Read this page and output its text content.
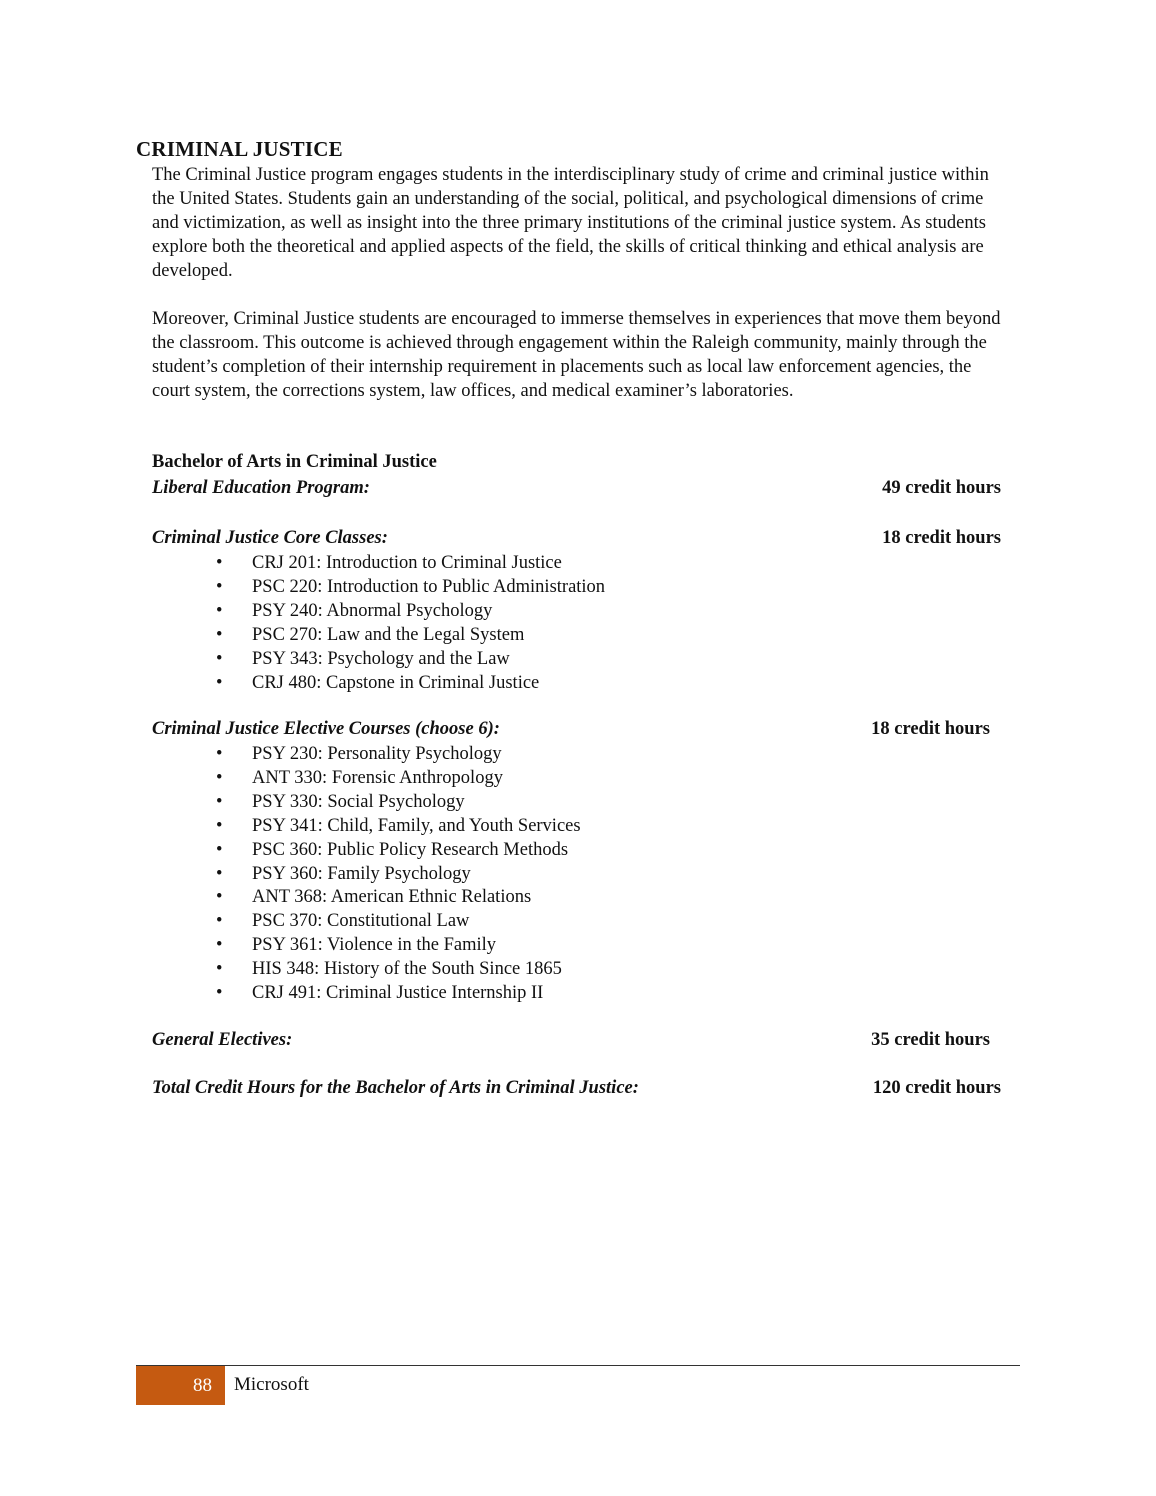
CRIMINAL JUSTICE
The Criminal Justice program engages students in the interdisciplinary study of crime and criminal justice within the United States. Students gain an understanding of the social, political, and psychological dimensions of crime and victimization, as well as insight into the three primary institutions of the criminal justice system. As students explore both the theoretical and applied aspects of the field, the skills of critical thinking and ethical analysis are developed.
Moreover, Criminal Justice students are encouraged to immerse themselves in experiences that move them beyond the classroom. This outcome is achieved through engagement within the Raleigh community, mainly through the student’s completion of their internship requirement in placements such as local law enforcement agencies, the court system, the corrections system, law offices, and medical examiner’s laboratories.
Bachelor of Arts in Criminal Justice
Liberal Education Program:	49 credit hours
Criminal Justice Core Classes:	18 credit hours
• CRJ 201: Introduction to Criminal Justice
• PSC 220: Introduction to Public Administration
• PSY 240: Abnormal Psychology
• PSC 270: Law and the Legal System
• PSY 343: Psychology and the Law
• CRJ 480: Capstone in Criminal Justice
Criminal Justice Elective Courses (choose 6):	18 credit hours
• PSY 230: Personality Psychology
• ANT 330: Forensic Anthropology
• PSY 330: Social Psychology
• PSY 341: Child, Family, and Youth Services
• PSC 360: Public Policy Research Methods
• PSY 360: Family Psychology
• ANT 368: American Ethnic Relations
• PSC 370: Constitutional Law
• PSY 361: Violence in the Family
• HIS 348: History of the South Since 1865
• CRJ 491: Criminal Justice Internship II
General Electives:	35 credit hours
Total Credit Hours for the Bachelor of Arts in Criminal Justice:	120 credit hours
88	Microsoft
